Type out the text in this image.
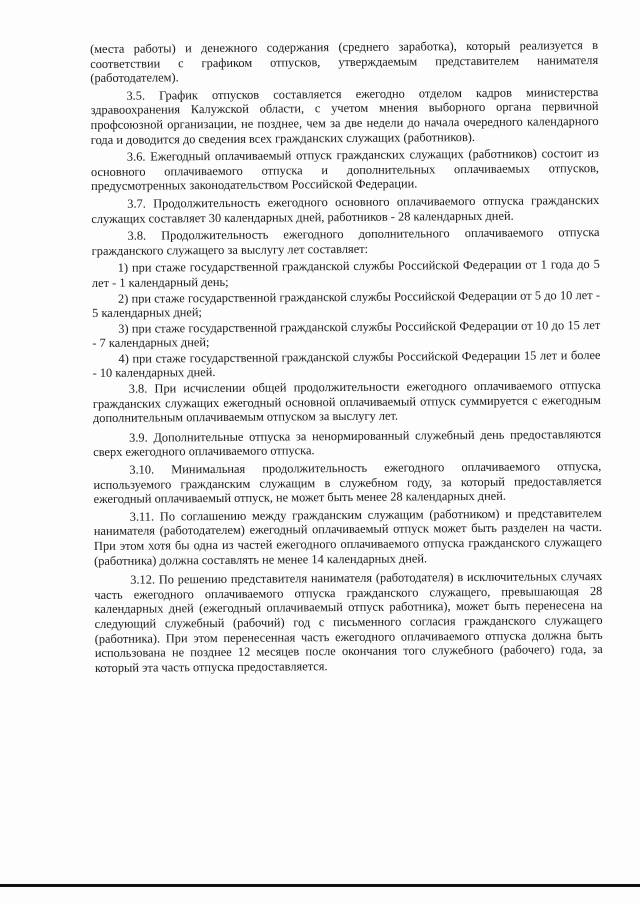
(места работы) и денежного содержания (среднего заработка), который реализуется в соответствии с графиком отпусков, утверждаемым представителем нанимателя (работодателем).

3.5. График отпусков составляется ежегодно отделом кадров министерства здравоохранения Калужской области, с учетом мнения выборного органа первичной профсоюзной организации, не позднее, чем за две недели до начала очередного календарного года и доводится до сведения всех гражданских служащих (работников).

3.6. Ежегодный оплачиваемый отпуск гражданских служащих (работников) состоит из основного оплачиваемого отпуска и дополнительных оплачиваемых отпусков, предусмотренных законодательством Российской Федерации.

3.7. Продолжительность ежегодного основного оплачиваемого отпуска гражданских служащих составляет 30 календарных дней, работников - 28 календарных дней.

3.8. Продолжительность ежегодного дополнительного оплачиваемого отпуска гражданского служащего за выслугу лет составляет:

1) при стаже государственной гражданской службы Российской Федерации от 1 года до 5 лет - 1 календарный день;

2) при стаже государственной гражданской службы Российской Федерации от 5 до 10 лет - 5 календарных дней;

3) при стаже государственной гражданской службы Российской Федерации от 10 до 15 лет - 7 календарных дней;

4) при стаже государственной гражданской службы Российской Федерации 15 лет и более - 10 календарных дней.

3.8. При исчислении общей продолжительности ежегодного оплачиваемого отпуска гражданских служащих ежегодный основной оплачиваемый отпуск суммируется с ежегодным дополнительным оплачиваемым отпуском за выслугу лет.

3.9. Дополнительные отпуска за ненормированный служебный день предоставляются сверх ежегодного оплачиваемого отпуска.

3.10. Минимальная продолжительность ежегодного оплачиваемого отпуска, используемого гражданским служащим в служебном году, за который предоставляется ежегодный оплачиваемый отпуск, не может быть менее 28 календарных дней.

3.11. По соглашению между гражданским служащим (работником) и представителем нанимателя (работодателем) ежегодный оплачиваемый отпуск может быть разделен на части. При этом хотя бы одна из частей ежегодного оплачиваемого отпуска гражданского служащего (работника) должна составлять не менее 14 календарных дней.

3.12. По решению представителя нанимателя (работодателя) в исключительных случаях часть ежегодного оплачиваемого отпуска гражданского служащего, превышающая 28 календарных дней (ежегодный оплачиваемый отпуск работника), может быть перенесена на следующий служебный (рабочий) год с письменного согласия гражданского служащего (работника). При этом перенесенная часть ежегодного оплачиваемого отпуска должна быть использована не позднее 12 месяцев после окончания того служебного (рабочего) года, за который эта часть отпуска предоставляется.
